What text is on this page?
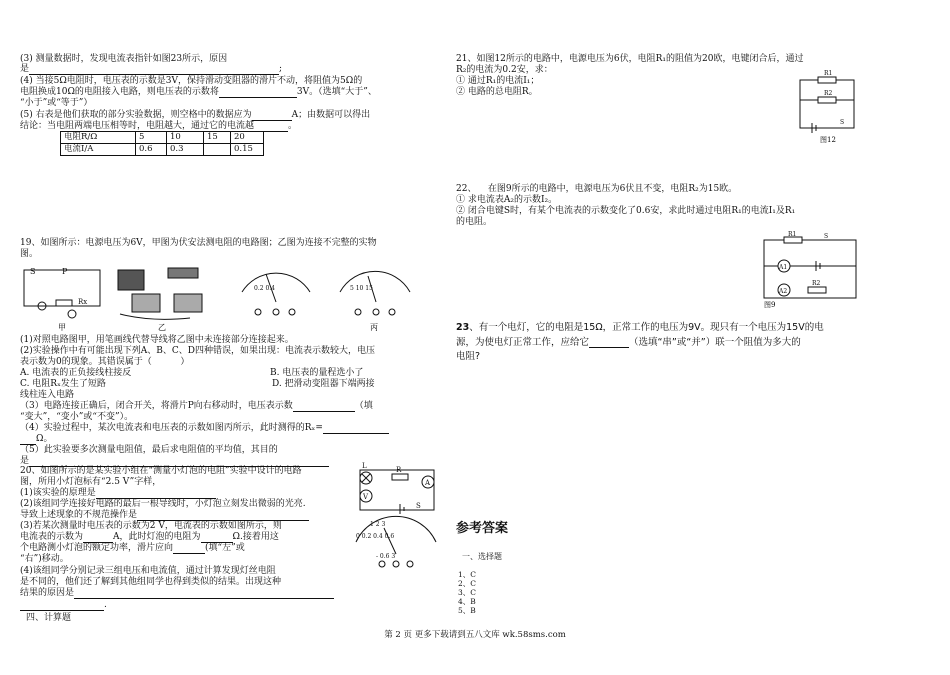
(3) 测量数据时，发现电流表指针如图23所示，原因
是	;
(4) 当接5Ω电阻时，电压表的示数是3V，保持滑动变阻器的滑片不动，将阻值为5Ω的
电阻换成10Ω的电阻接入电路，则电压表的示数将	3V。（选填“大于”、
“小于”或“等于”）
(5) 右表是他们获取的部分实验数据，则空格中的数据应为	A；由数据可以得出
结论：当电阻两端电压相等时，电阻越大，通过它的电流越	。
电阻R/Ω	5	10	15	20
电流I/A	0.6	0.3		0.15
19、如图所示：电源电压为6V，甲图为伏安法测电阻的电路图；乙图为连接不完整的实物
图。
S	P
Rx
甲	乙
0.2 0.4	5 10 15
丙
(1)对照电路图甲，用笔画线代替导线将乙图中未连接部分连接起来。
(2)实验操作中有可能出现下列A、B、C、D四种错误，如果出现：电流表示数较大，电压
表示数为0的现象。其错误属于（          ）
A. 电流表的正负接线柱接反	B. 电压表的量程选小了
C. 电阻Rₓ发生了短路	D. 把滑动变阻器下端两接
线柱连入电路
（3）电路连接正确后，闭合开关，将滑片P向右移动时，电压表示数	（填
“变大”，“变小”或“不变”）。
（4）实验过程中，某次电流表和电压表的示数如图丙所示，此时测得的Rₓ=
Ω。
（5）此实验要多次测量电阻值，最后求电阻值的平均值，其目的
是
20、如图所示的是某实验小组在“测量小灯泡的电阻”实验中设计的电路
图，所用小灯泡标有“2.5 V”字样，
(1)该实验的原理是
(2)该组同学连接好电路的最后一根导线时，小灯泡立刻发出微弱的光亮.
导致上述现象的不规范操作是
(3)若某次测量时电压表的示数为2 V，电流表的示数如图所示，则
电流表的示数为	A，此时灯泡的电阻为	Ω.接着用这
个电路测小灯泡的额定功率，滑片应向	(填“左”或
“右”)移动。
(4)该组同学分别记录三组电压和电流值，通过计算发现灯丝电阻
是不同的，他们还了解到其他组同学也得到类似的结果。出现这种
结果的原因是
.
四、计算题
L	R
A
V
S
0 0.2 0.4 0.6
1 2 3
- 0.6 3
21、如图12所示的电路中，电源电压为6伏，电阻R₁的阻值为20欧，电键闭合后，通过
R₂的电流为0.2安，求：
① 通过R₁的电流I₁；
② 电路的总电阻R。
R1
R2
S
图12
22、    在图9所示的电路中，电源电压为6伏且不变，电阻R₂为15欧。
① 求电流表A₂的示数I₂。
② 闭合电键S时，有某个电流表的示数变化了0.6安，求此时通过电阻R₁的电流I₁及R₁
的电阻。
R1	S
A1
A2
R2
图9
23、有一个电灯，它的电阻是15Ω，正常工作的电压为9V。现只有一个电压为15V的电
源，为使电灯正常工作，应给它	（选填“串”或“并”）联一个阻值为多大的
电阻?
参考答案
一、选择题
1、C
2、C
3、C
4、B
5、B
第 2 页 更多下载请到五八文库 wk.58sms.com
